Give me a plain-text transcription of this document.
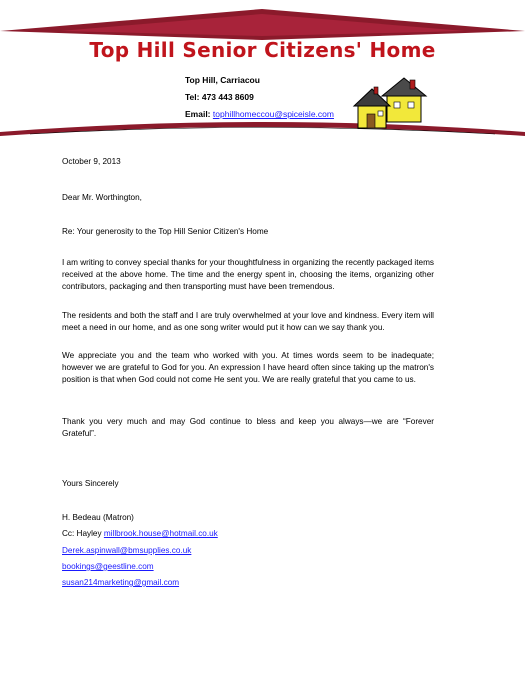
Top Hill Senior Citizens' Home
Top Hill, Carriacou
Tel: 473 443 8609
Email: tophillhomeccou@spiceisle.com
October 9, 2013
Dear Mr. Worthington,
Re: Your generosity to the Top Hill Senior Citizen's Home
I am writing to convey special thanks for your thoughtfulness in organizing the recently packaged items received at the above home. The time and the energy spent in, choosing the items, organizing other contributors, packaging and then transporting must have been tremendous.
The residents and both the staff and I are truly overwhelmed at your love and kindness. Every item will meet a need in our home, and as one song writer would put it how can we say thank you.
We appreciate you and the team who worked with you. At times words seem to be inadequate; however we are grateful to God for you. An expression I have heard often since taking up the matron's position is that when God could not come He sent you. We are really grateful that you came to us.
Thank you very much and may God continue to bless and keep you always—we are “Forever Grateful”.
Yours Sincerely
H. Bedeau (Matron)
Cc: Hayley millbrook.house@hotmail.co.uk
Derek.aspinwall@bmsupplies.co.uk
bookings@geestline.com
susan214marketing@gmail.com
